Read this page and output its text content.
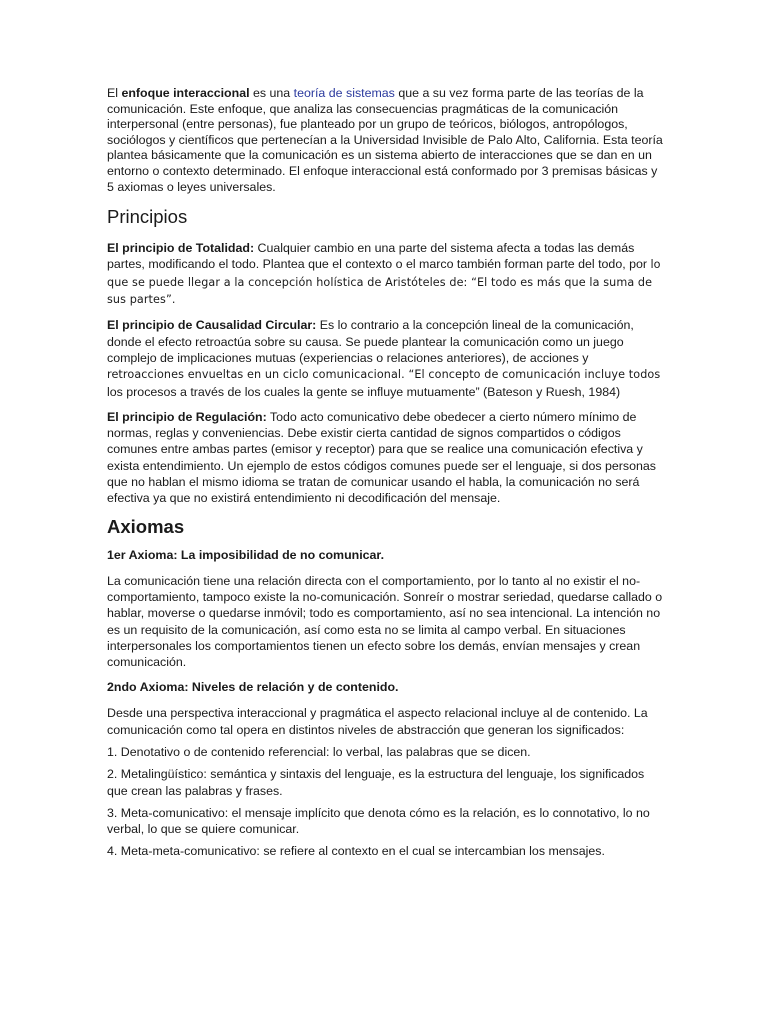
El enfoque interaccional es una teoría de sistemas que a su vez forma parte de las teorías de la comunicación. Este enfoque, que analiza las consecuencias pragmáticas de la comunicación interpersonal (entre personas), fue planteado por un grupo de teóricos, biólogos, antropólogos, sociólogos y científicos que pertenecían a la Universidad Invisible de Palo Alto, California. Esta teoría plantea básicamente que la comunicación es un sistema abierto de interacciones que se dan en un entorno o contexto determinado. El enfoque interaccional está conformado por 3 premisas básicas y 5 axiomas o leyes universales.

Principios

El principio de Totalidad: Cualquier cambio en una parte del sistema afecta a todas las demás partes, modificando el todo. Plantea que el contexto o el marco también forman parte del todo, por lo que se puede llegar a la concepción holística de Aristóteles de: “El todo es más que la suma de sus partes”.

El principio de Causalidad Circular: Es lo contrario a la concepción lineal de la comunicación, donde el efecto retroactúa sobre su causa. Se puede plantear la comunicación como un juego complejo de implicaciones mutuas (experiencias o relaciones anteriores), de acciones y retroacciones envueltas en un ciclo comunicacional. “El concepto de comunicación incluye todos los procesos a través de los cuales la gente se influye mutuamente” (Bateson y Ruesh, 1984)

El principio de Regulación: Todo acto comunicativo debe obedecer a cierto número mínimo de normas, reglas y conveniencias. Debe existir cierta cantidad de signos compartidos o códigos comunes entre ambas partes (emisor y receptor) para que se realice una comunicación efectiva y exista entendimiento. Un ejemplo de estos códigos comunes puede ser el lenguaje, si dos personas que no hablan el mismo idioma se tratan de comunicar usando el habla, la comunicación no será efectiva ya que no existirá entendimiento ni decodificación del mensaje.

Axiomas

1er Axioma: La imposibilidad de no comunicar.

La comunicación tiene una relación directa con el comportamiento, por lo tanto al no existir el no-comportamiento, tampoco existe la no-comunicación. Sonreír o mostrar seriedad, quedarse callado o hablar, moverse o quedarse inmóvil; todo es comportamiento, así no sea intencional. La intención no es un requisito de la comunicación, así como esta no se limita al campo verbal. En situaciones interpersonales los comportamientos tienen un efecto sobre los demás, envían mensajes y crean comunicación.

2ndo Axioma: Niveles de relación y de contenido.

Desde una perspectiva interaccional y pragmática el aspecto relacional incluye al de contenido. La comunicación como tal opera en distintos niveles de abstracción que generan los significados:

1. Denotativo o de contenido referencial: lo verbal, las palabras que se dicen.

2. Metalingüístico: semántica y sintaxis del lenguaje, es la estructura del lenguaje, los significados que crean las palabras y frases.

3. Meta-comunicativo: el mensaje implícito que denota cómo es la relación, es lo connotativo, lo no verbal, lo que se quiere comunicar.

4. Meta-meta-comunicativo: se refiere al contexto en el cual se intercambian los mensajes.
